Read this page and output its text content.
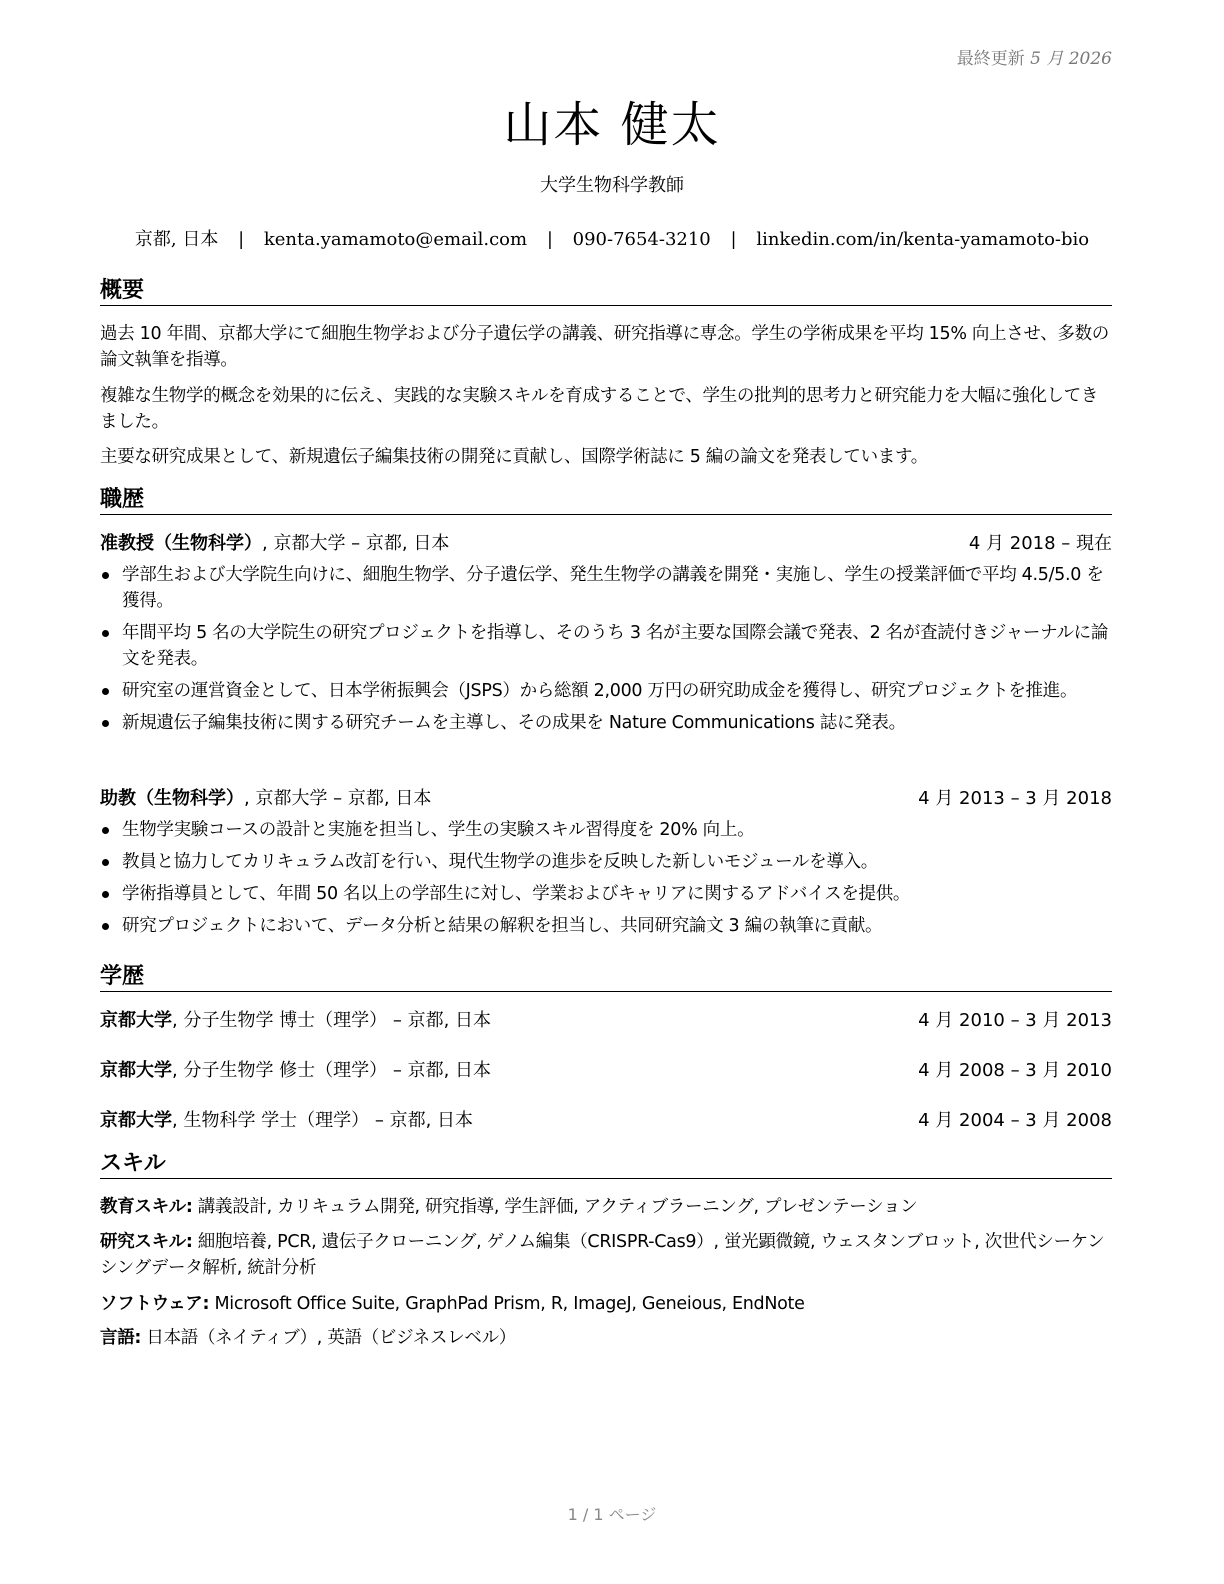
最終更新 5 月 2026
山本 健太
大学生物科学教師
京都, 日本 | kenta.yamamoto@email.com | 090-7654-3210 | linkedin.com/in/kenta-yamamoto-bio
概要
過去 10 年間、京都大学にて細胞生物学および分子遺伝学の講義、研究指導に専念。学生の学術成果を平均 15% 向上させ、多数の論文執筆を指導。
複雑な生物学的概念を効果的に伝え、実践的な実験スキルを育成することで、学生の批判的思考力と研究能力を大幅に強化してきました。
主要な研究成果として、新規遺伝子編集技術の開発に貢献し、国際学術誌に 5 編の論文を発表しています。
職歴
准教授（生物科学）, 京都大学 – 京都, 日本	4 月 2018 – 現在
学部生および大学院生向けに、細胞生物学、分子遺伝学、発生生物学の講義を開発・実施し、学生の授業評価で平均 4.5/5.0 を獲得。
年間平均 5 名の大学院生の研究プロジェクトを指導し、そのうち 3 名が主要な国際会議で発表、2 名が査読付きジャーナルに論文を発表。
研究室の運営資金として、日本学術振興会（JSPS）から総額 2,000 万円の研究助成金を獲得し、研究プロジェクトを推進。
新規遺伝子編集技術に関する研究チームを主導し、その成果を Nature Communications 誌に発表。
助教（生物科学）, 京都大学 – 京都, 日本	4 月 2013 – 3 月 2018
生物学実験コースの設計と実施を担当し、学生の実験スキル習得度を 20% 向上。
教員と協力してカリキュラム改訂を行い、現代生物学の進歩を反映した新しいモジュールを導入。
学術指導員として、年間 50 名以上の学部生に対し、学業およびキャリアに関するアドバイスを提供。
研究プロジェクトにおいて、データ分析と結果の解釈を担当し、共同研究論文 3 編の執筆に貢献。
学歴
京都大学, 分子生物学 博士（理学） – 京都, 日本	4 月 2010 – 3 月 2013
京都大学, 分子生物学 修士（理学） – 京都, 日本	4 月 2008 – 3 月 2010
京都大学, 生物科学 学士（理学） – 京都, 日本	4 月 2004 – 3 月 2008
スキル
教育スキル: 講義設計, カリキュラム開発, 研究指導, 学生評価, アクティブラーニング, プレゼンテーション
研究スキル: 細胞培養, PCR, 遺伝子クローニング, ゲノム編集（CRISPR-Cas9）, 蛍光顕微鏡, ウェスタンブロット, 次世代シーケンシングデータ解析, 統計分析
ソフトウェア: Microsoft Office Suite, GraphPad Prism, R, ImageJ, Geneious, EndNote
言語: 日本語（ネイティブ）, 英語（ビジネスレベル）
1 / 1 ページ
